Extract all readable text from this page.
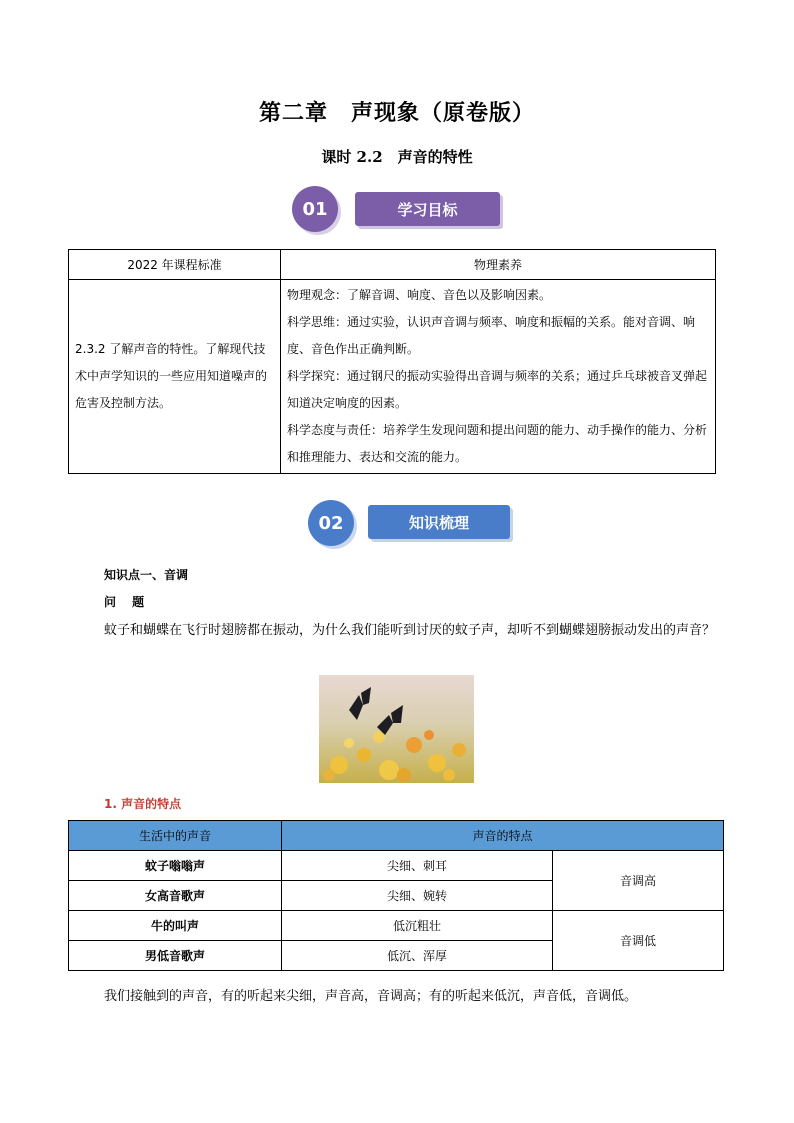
第二章　声现象（原卷版）
课时 2.2　声音的特性
01	学习目标
2022 年课程标准	物理素养
2.3.2 了解声音的特性。了解现代技术中声学知识的一些应用知道噪声的危害及控制方法。	物理观念：了解音调、响度、音色以及影响因素。

科学思维：通过实验，认识声音调与频率、响度和振幅的关系。能对音调、响度、音色作出正确判断。

科学探究：通过钢尺的振动实验得出音调与频率的关系；通过乒乓球被音叉弹起知道决定响度的因素。

科学态度与责任：培养学生发现问题和提出问题的能力、动手操作的能力、分析和推理能力、表达和交流的能力。

02	知识梳理
知识点一、音调
问 题
蚊子和蝴蝶在飞行时翅膀都在振动，为什么我们能听到讨厌的蚊子声，却听不到蝴蝶翅膀振动发出的声音？
1. 声音的特点
生活中的声音	声音的特点	
蚊子嗡嗡声	尖细、刺耳	音调高
女高音歌声	尖细、婉转	
牛的叫声	低沉粗壮	音调低
男低音歌声	低沉、浑厚	
我们接触到的声音，有的听起来尖细，声音高，音调高；有的听起来低沉，声音低，音调低。
